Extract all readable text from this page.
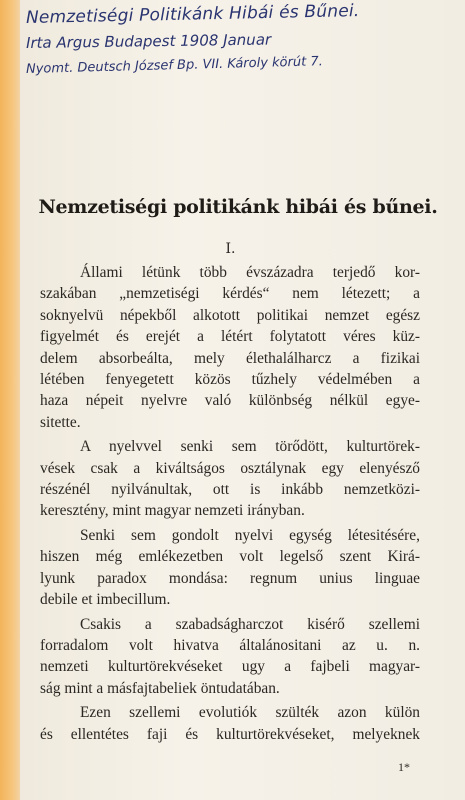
Nemzetiségi Politikánk Hibái és Bűnei.
Irta Argus Budapest 1908 Januar
Nyomt. Deutsch József Bp. VII. Károly körút 7.
Nemzetiségi politikánk hibái és bűnei.
I.
Állami létünk több évszázadra terjedő kor-
szakában „nemzetiségi kérdés“ nem létezett; a
soknyelvü népekből alkotott politikai nemzet egész
figyelmét és erejét a létért folytatott véres küz-
delem absorbeálta, mely élethalálharcz a fizikai
létében fenyegetett közös tűzhely védelmében a
haza népeit nyelvre való különbség nélkül egye-
sitette.
A nyelvvel senki sem törődött, kulturtörek-
vések csak a kiváltságos osztálynak egy elenyésző
részénél nyilvánultak, ott is inkább nemzetközi-
keresztény, mint magyar nemzeti irányban.
Senki sem gondolt nyelvi egység létesitésére,
hiszen még emlékezetben volt legelső szent Kirá-
lyunk paradox mondása: regnum unius linguae
debile et imbecillum.
Csakis a szabadságharczot kisérő szellemi
forradalom volt hivatva általánositani az u. n.
nemzeti kulturtörekvéseket ugy a fajbeli magyar-
ság mint a másfajtabeliek öntudatában.
Ezen szellemi evolutiók szülték azon külön
és ellentétes faji és kulturtörekvéseket, melyeknek
1*
